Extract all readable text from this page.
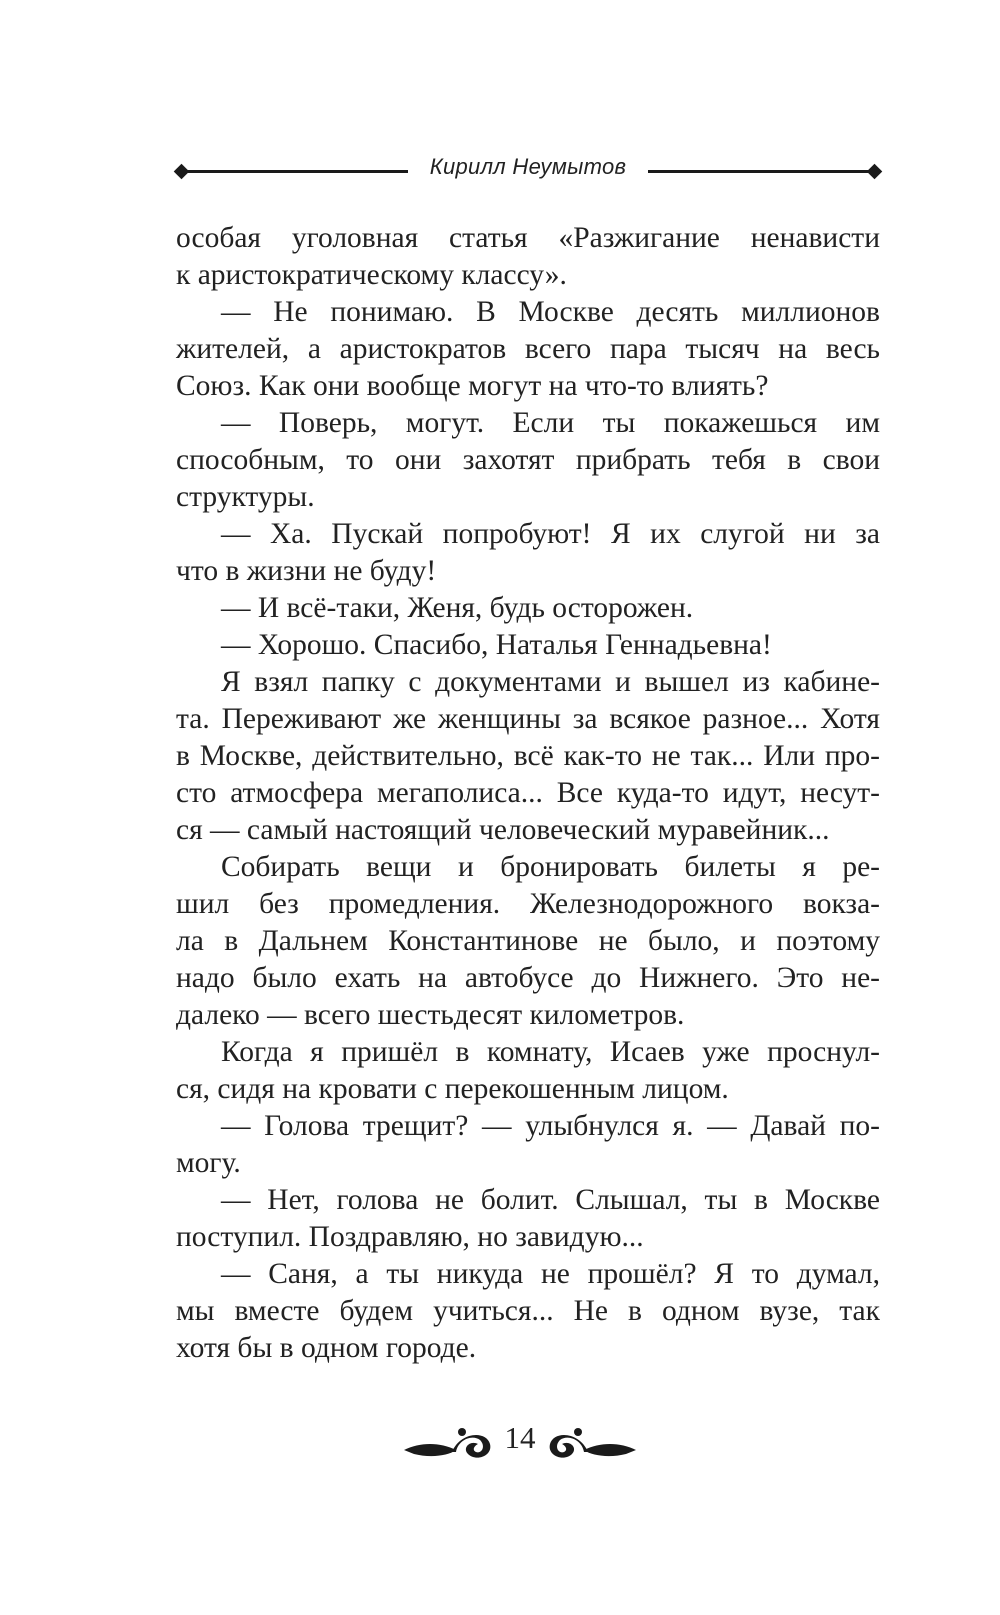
Кирилл Неумытов
особая уголовная статья «Разжигание ненависти
к аристократическому классу».
— Не понимаю. В Москве десять миллионов
жителей, а аристократов всего пара тысяч на весь
Союз. Как они вообще могут на что-то влиять?
— Поверь, могут. Если ты покажешься им
способным, то они захотят прибрать тебя в свои
структуры.
— Ха. Пускай попробуют! Я их слугой ни за
что в жизни не буду!
— И всё-таки, Женя, будь осторожен.
— Хорошо. Спасибо, Наталья Геннадьевна!
Я взял папку с документами и вышел из кабине-
та. Переживают же женщины за всякое разное... Хотя
в Москве, действительно, всё как-то не так... Или про-
сто атмосфера мегаполиса... Все куда-то идут, несут-
ся — самый настоящий человеческий муравейник...
Собирать вещи и бронировать билеты я ре-
шил без промедления. Железнодорожного вокза-
ла в Дальнем Константинове не было, и поэтому
надо было ехать на автобусе до Нижнего. Это не-
далеко — всего шестьдесят километров.
Когда я пришёл в комнату, Исаев уже проснул-
ся, сидя на кровати с перекошенным лицом.
— Голова трещит? — улыбнулся я. — Давай по-
могу.
— Нет, голова не болит. Слышал, ты в Москве
поступил. Поздравляю, но завидую...
— Саня, а ты никуда не прошёл? Я то думал,
мы вместе будем учиться... Не в одном вузе, так
хотя бы в одном городе.
14
